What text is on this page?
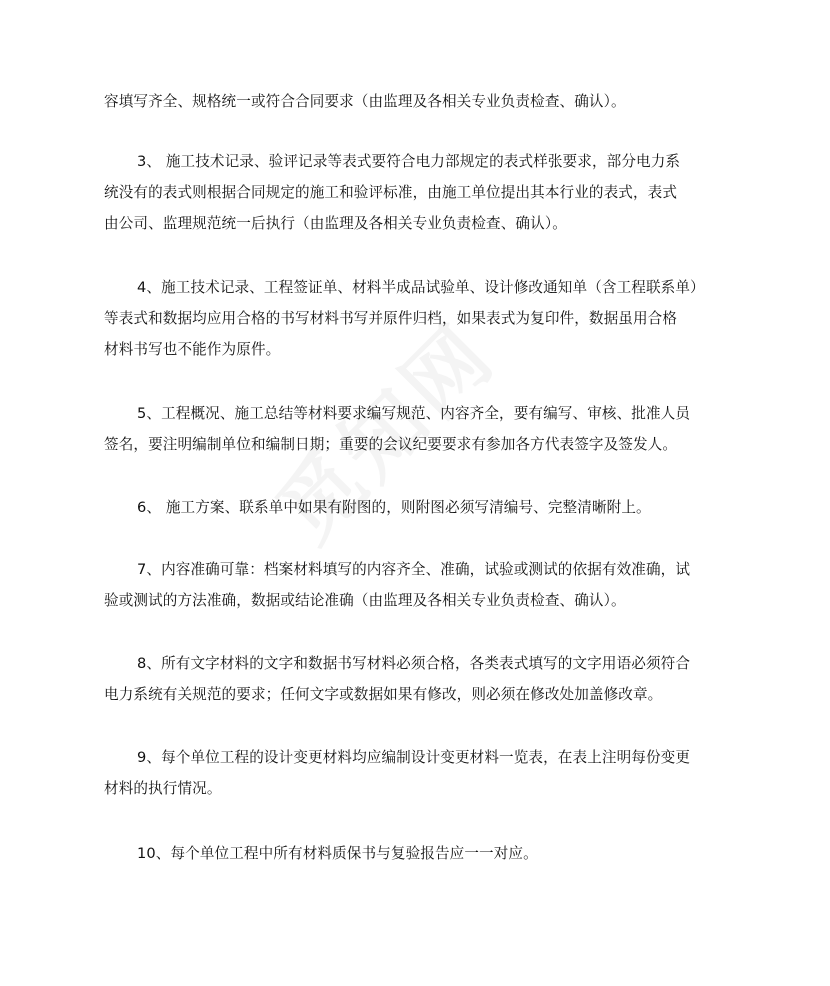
容填写齐全、规格统一或符合合同要求（由监理及各相关专业负责检查、确认）。
3、 施工技术记录、验评记录等表式要符合电力部规定的表式样张要求，部分电力系
统没有的表式则根据合同规定的施工和验评标准，由施工单位提出其本行业的表式，表式
由公司、监理规范统一后执行（由监理及各相关专业负责检查、确认）。
4、施工技术记录、工程签证单、材料半成品试验单、设计修改通知单（含工程联系单）
等表式和数据均应用合格的书写材料书写并原件归档，如果表式为复印件，数据虽用合格
材料书写也不能作为原件。
5、工程概况、施工总结等材料要求编写规范、内容齐全，要有编写、审核、批准人员
签名，要注明编制单位和编制日期；重要的会议纪要要求有参加各方代表签字及签发人。
6、 施工方案、联系单中如果有附图的，则附图必须写清编号、完整清晰附上。
7、内容准确可靠：档案材料填写的内容齐全、准确，试验或测试的依据有效准确，试
验或测试的方法准确，数据或结论准确（由监理及各相关专业负责检查、确认）。
8、所有文字材料的文字和数据书写材料必须合格，各类表式填写的文字用语必须符合
电力系统有关规范的要求；任何文字或数据如果有修改，则必须在修改处加盖修改章。
9、每个单位工程的设计变更材料均应编制设计变更材料一览表，在表上注明每份变更
材料的执行情况。
10、每个单位工程中所有材料质保书与复验报告应一一对应。
